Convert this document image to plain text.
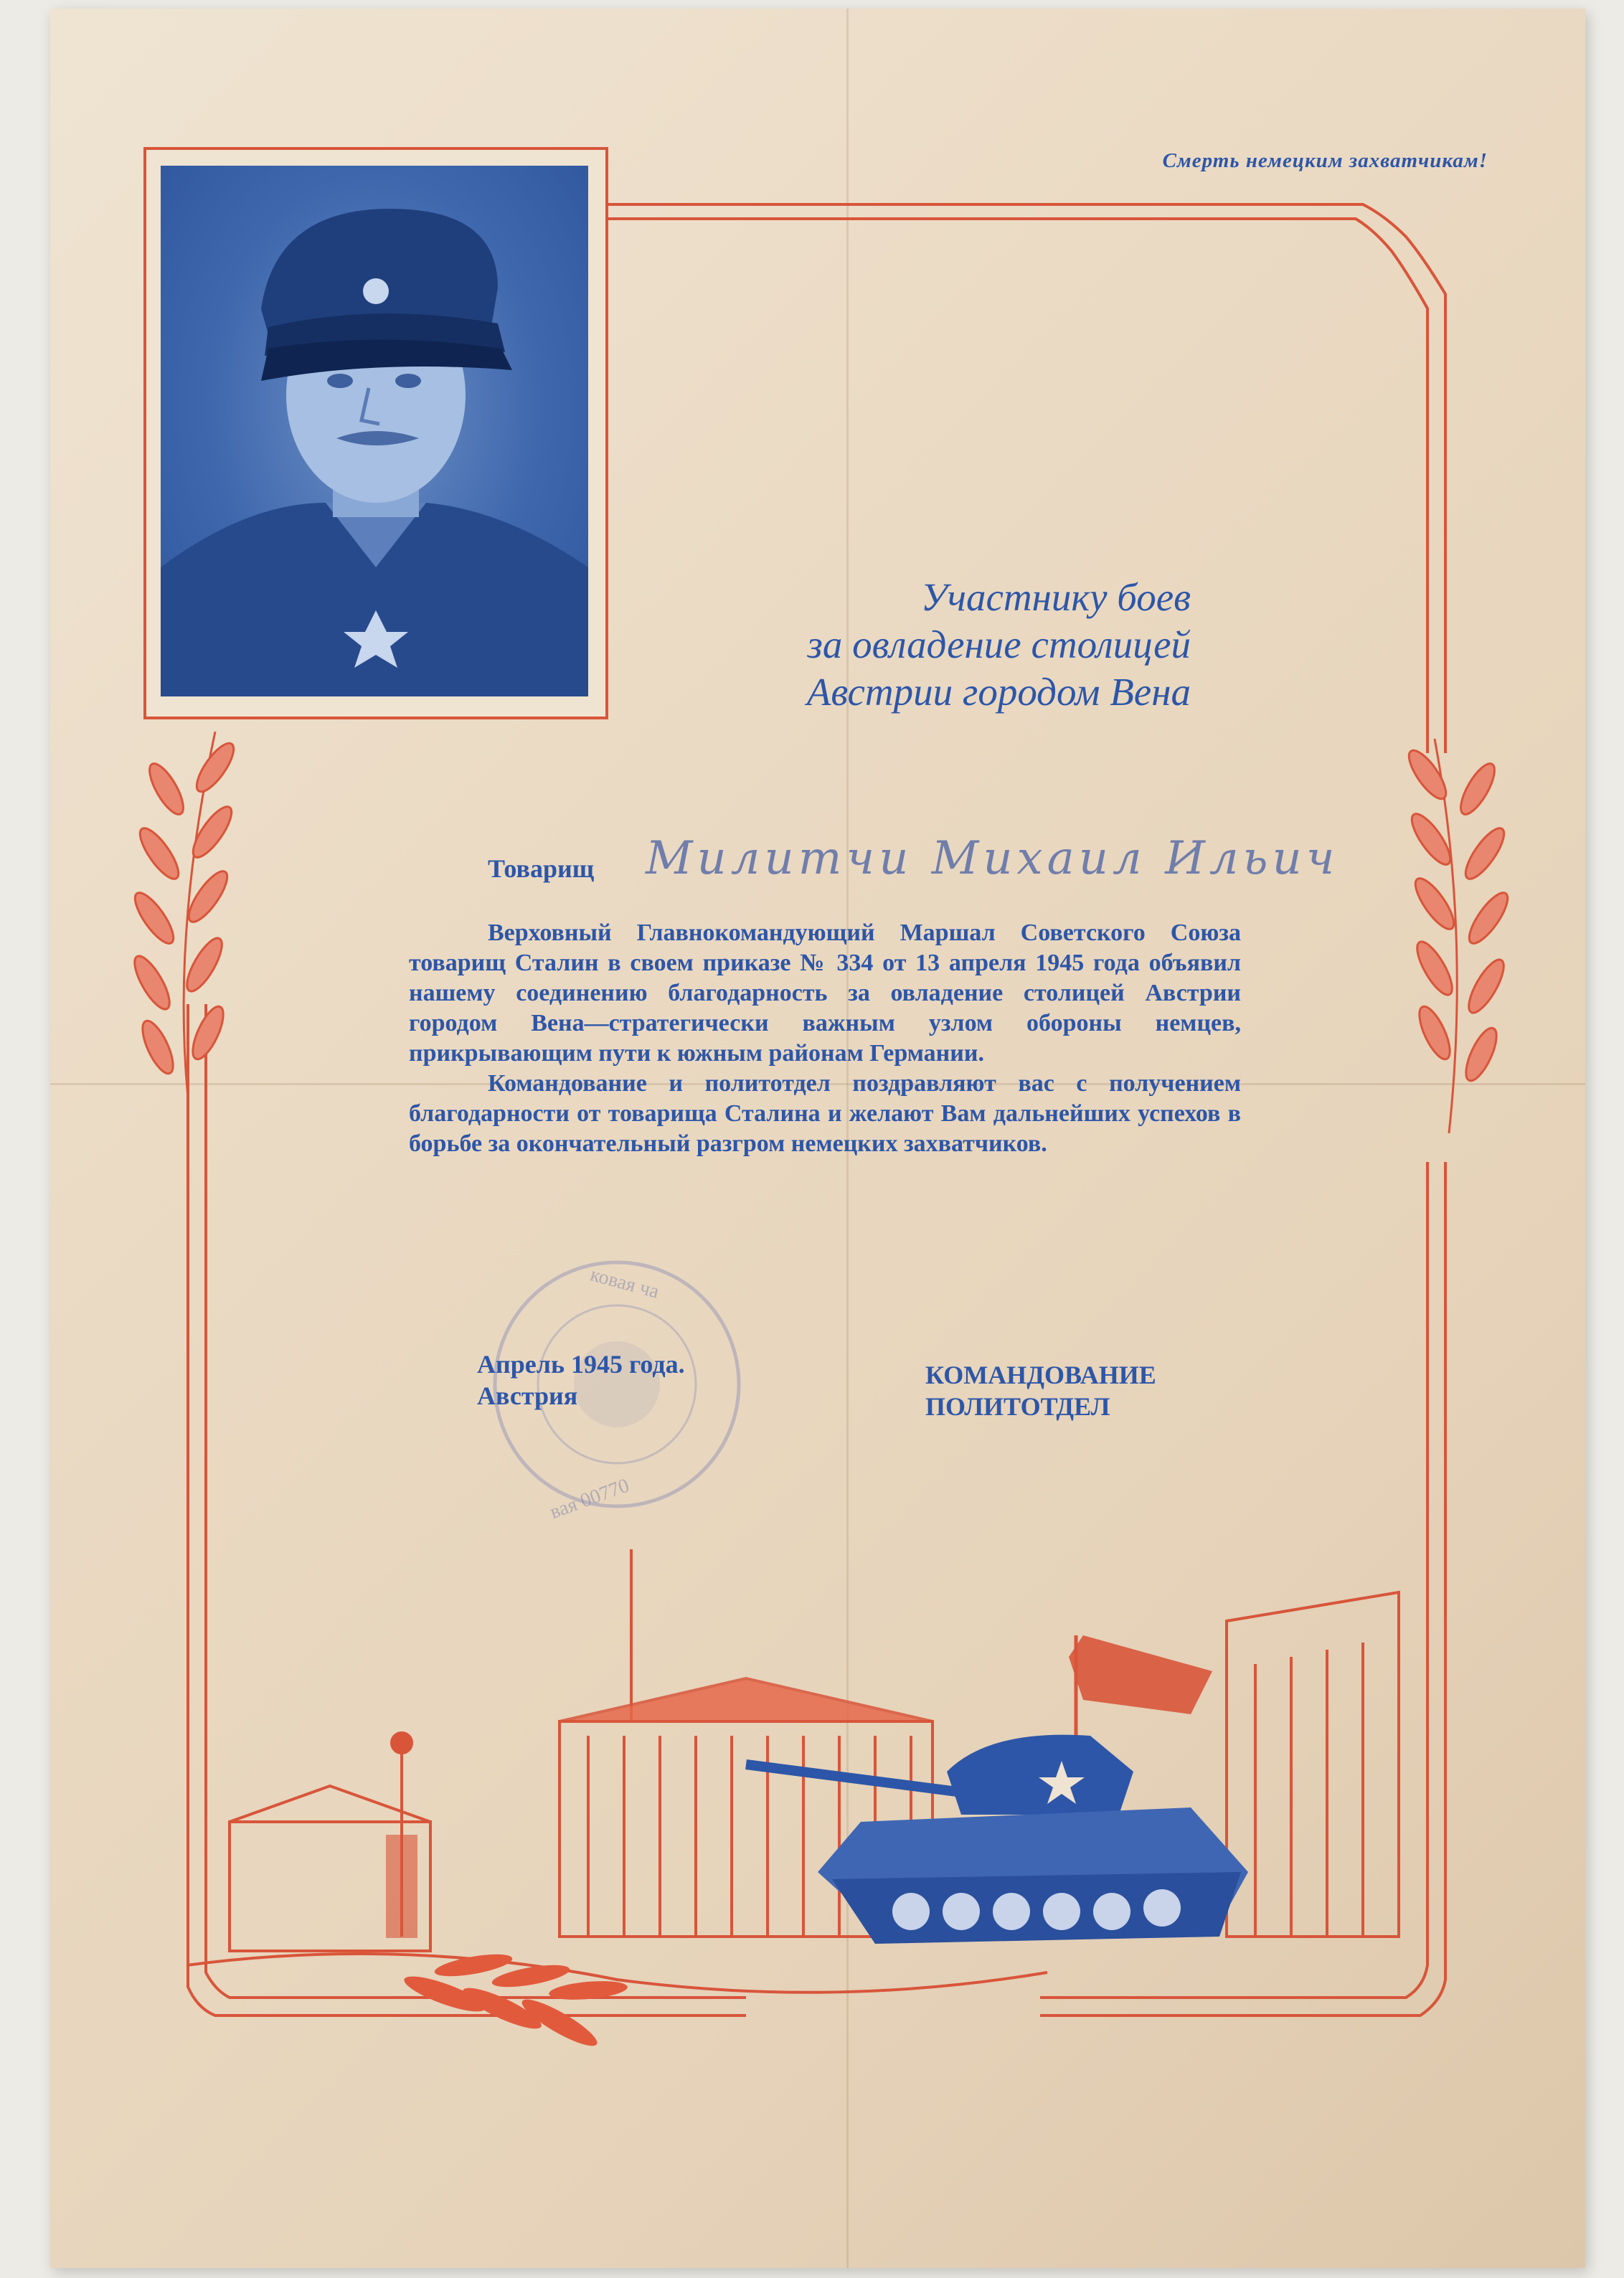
Смерть немецким захватчикам!
Участнику боев
за овладение столицей
Австрии городом Вена
Товарищ Милитчи Михаил Ильич

Верховный Главнокомандующий Маршал Советского Союза товарищ Сталин в своем приказе № 334 от 13 апреля 1945 года объявил нашему соединению благодарность за овладение столицей Австрии городом Вена—стратегически важным узлом обороны немцев, прикрывающим пути к южным районам Германии.

Командование и политотдел поздравляют вас с получением благодарности от товарища Сталина и желают Вам дальнейших успехов в борьбе за окончательный разгром немецких захватчиков.

ковая ча
вая 00770
Апрель 1945 года.
Австрия
КОМАНДОВАНИЕ
ПОЛИТОТДЕЛ
